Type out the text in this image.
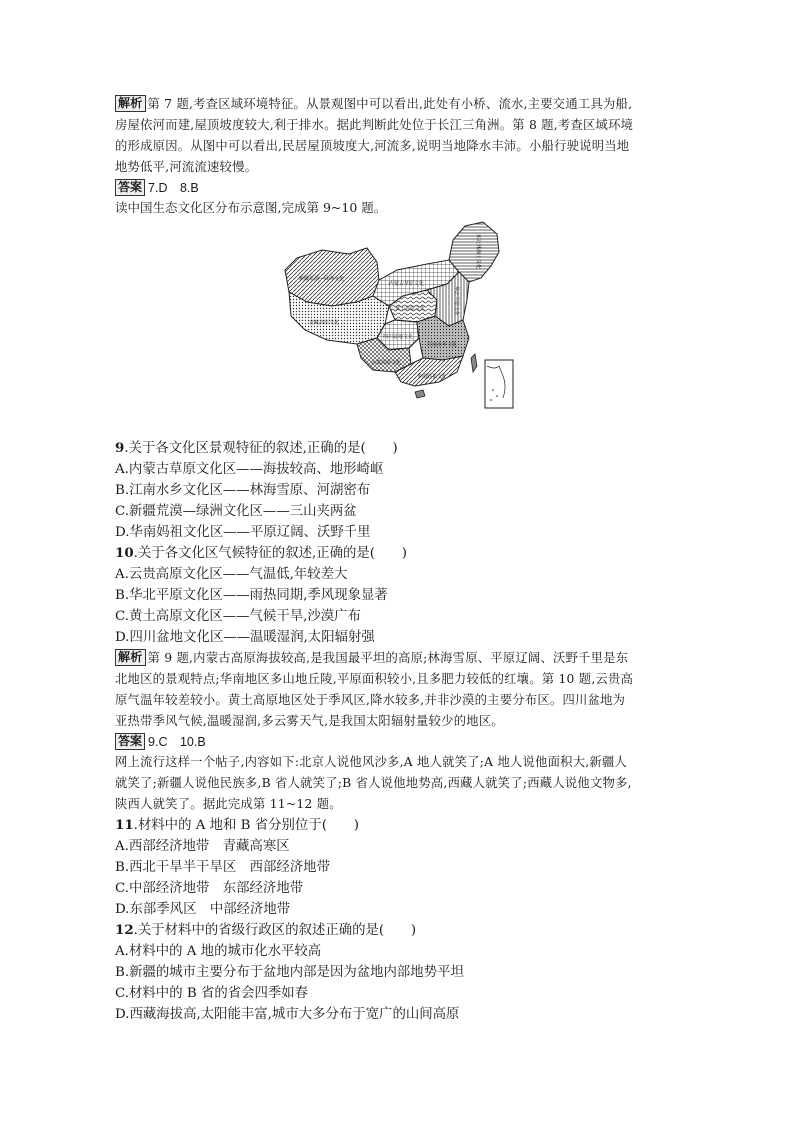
解析 第 7 题,考查区域环境特征。从景观图中可以看出,此处有小桥、流水,主要交通工具为船,
房屋依河而建,屋顶坡度较大,利于排水。据此判断此处位于长江三角洲。第 8 题,考查区域环境
的形成原因。从图中可以看出,民居屋顶坡度大,河流多,说明当地降水丰沛。小船行驶说明当地
地势低平,河流流速较慢。
答案 7.D　8.B
读中国生态文化区分布示意图,完成第 9~10 题。
新疆荒漠—绿洲文化
内蒙古草原文化
青藏高原文化
黄土高原文化	华北平原文化
东北林海土文化
四川盆地文化
云贵高原文化
江南水乡文化
华南妈祖文化
9.关于各文化区景观特征的叙述,正确的是(　　)
A.内蒙古草原文化区——海拔较高、地形崎岖
B.江南水乡文化区——林海雪原、河湖密布
C.新疆荒漠—绿洲文化区——三山夹两盆
D.华南妈祖文化区——平原辽阔、沃野千里
10.关于各文化区气候特征的叙述,正确的是(　　)
A.云贵高原文化区——气温低,年较差大
B.华北平原文化区——雨热同期,季风现象显著
C.黄土高原文化区——气候干旱,沙漠广布
D.四川盆地文化区——温暖湿润,太阳辐射强
解析 第 9 题,内蒙古高原海拔较高,是我国最平坦的高原;林海雪原、平原辽阔、沃野千里是东
北地区的景观特点;华南地区多山地丘陵,平原面积较小,且多肥力较低的红壤。第 10 题,云贵高
原气温年较差较小。黄土高原地区处于季风区,降水较多,并非沙漠的主要分布区。四川盆地为
亚热带季风气候,温暖湿润,多云雾天气,是我国太阳辐射量较少的地区。
答案 9.C　10.B
网上流行这样一个帖子,内容如下:北京人说他风沙多,A 地人就笑了;A 地人说他面积大,新疆人
就笑了;新疆人说他民族多,B 省人就笑了;B 省人说他地势高,西藏人就笑了;西藏人说他文物多,
陕西人就笑了。据此完成第 11~12 题。
11.材料中的 A 地和 B 省分别位于(　　)
A.西部经济地带　青藏高寒区
B.西北干旱半干旱区　西部经济地带
C.中部经济地带　东部经济地带
D.东部季风区　中部经济地带
12.关于材料中的省级行政区的叙述正确的是(　　)
A.材料中的 A 地的城市化水平较高
B.新疆的城市主要分布于盆地内部是因为盆地内部地势平坦
C.材料中的 B 省的省会四季如春
D.西藏海拔高,太阳能丰富,城市大多分布于宽广的山间高原
